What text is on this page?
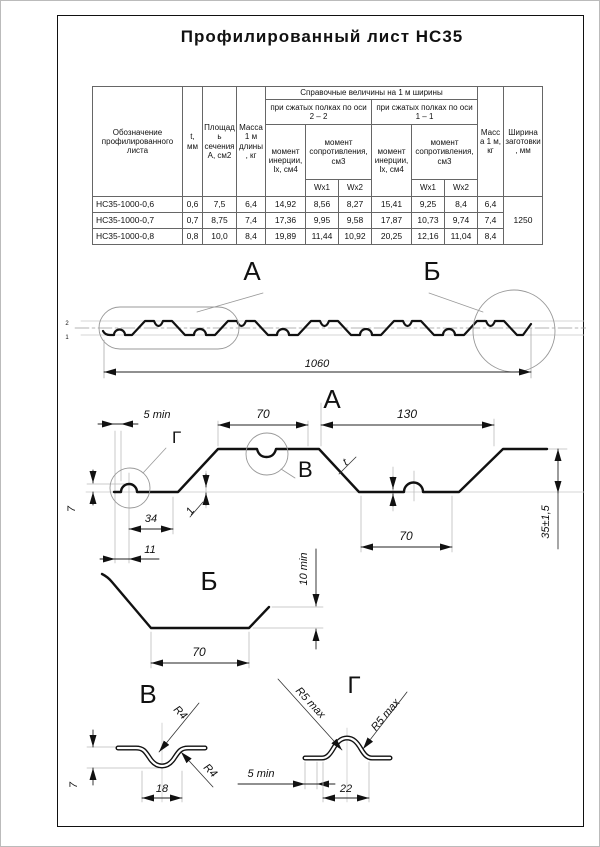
Профилированный лист НС35
Обозначение профилированного листа	t, мм	Площадь сечения А, см2	Масса 1 м длины, кг	Справочные величины на 1 м ширины						Масса 1 м, кг	Ширина заготовки, мм
				при сжатых полках по оси 2 – 2			при сжатых полках по оси 1 – 1				
				момент инерции, Ix, см4	момент сопротивления, см3		момент инерции, Ix, см4	момент сопротивления, см3			
					Wx1	Wx2		Wx1	Wx2		
НС35-1000-0,6	0,6	7,5	6,4	14,92	8,56	8,27	15,41	9,25	8,4	6,4	1250
НС35-1000-0,7	0,7	8,75	7,4	17,36	9,95	9,58	17,87	10,73	9,74	7,4	
НС35-1000-0,8	0,8	10,0	8,4	19,89	11,44	10,92	20,25	12,16	11,04	8,4	
2
1
А	Б
1060
А
5 min	70	130
Г
В	t
7
34
1
11
70	35±1,5
Б
70
10 min
В
R4
R4
7	18
Г
R5 max	R5 max
5 min
22
